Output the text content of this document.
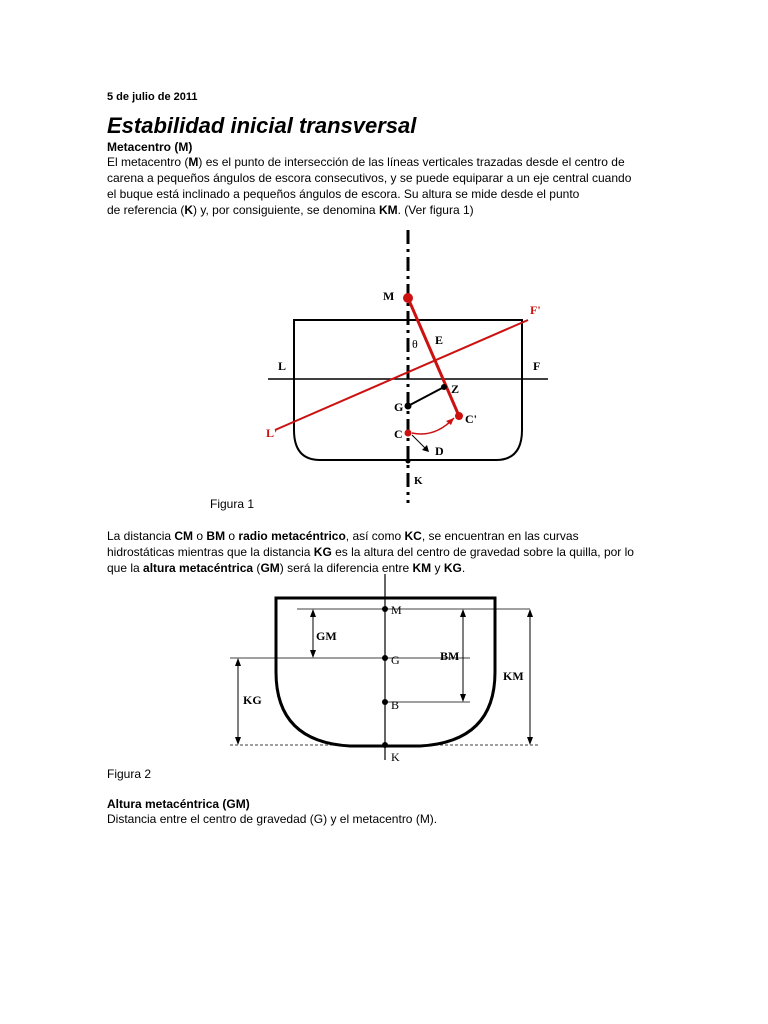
5 de julio de 2011
Estabilidad inicial transversal
Metacentro (M)
El metacentro (M) es el punto de intersección de las líneas verticales trazadas desde el centro de
carena a pequeños ángulos de escora consecutivos, y se puede equiparar a un eje central cuando
el buque está inclinado a pequeños ángulos de escora. Su altura se mide desde el punto
de referencia (K) y, por consiguiente, se denomina KM. (Ver figura 1)
M
F'
E
θ
L	F
Z
G
C'
L'	C
D
K
Figura 1
La distancia CM o BM o radio metacéntrico, así como KC, se encuentran en las curvas
hidrostáticas mientras que la distancia KG es la altura del centro de gravedad sobre la quilla, por lo
que la altura metacéntrica (GM) será la diferencia entre KM y KG.
M
G
B
K
GM
KG
BM
KM
Figura 2
Altura metacéntrica (GM)
Distancia entre el centro de gravedad (G) y el metacentro (M).
